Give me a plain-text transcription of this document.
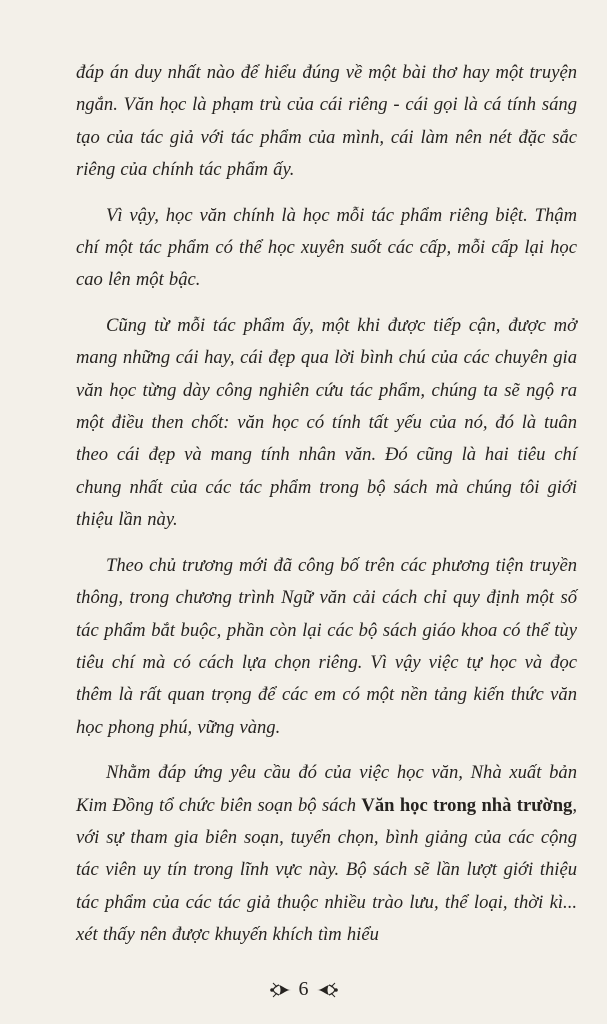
đáp án duy nhất nào để hiểu đúng về một bài thơ hay một truyện ngắn. Văn học là phạm trù của cái riêng - cái gọi là cá tính sáng tạo của tác giả với tác phẩm của mình, cái làm nên nét đặc sắc riêng của chính tác phẩm ấy.

Vì vậy, học văn chính là học mỗi tác phẩm riêng biệt. Thậm chí một tác phẩm có thể học xuyên suốt các cấp, mỗi cấp lại học cao lên một bậc.

Cũng từ mỗi tác phẩm ấy, một khi được tiếp cận, được mở mang những cái hay, cái đẹp qua lời bình chú của các chuyên gia văn học từng dày công nghiên cứu tác phẩm, chúng ta sẽ ngộ ra một điều then chốt: văn học có tính tất yếu của nó, đó là tuân theo cái đẹp và mang tính nhân văn. Đó cũng là hai tiêu chí chung nhất của các tác phẩm trong bộ sách mà chúng tôi giới thiệu lần này.

Theo chủ trương mới đã công bố trên các phương tiện truyền thông, trong chương trình Ngữ văn cải cách chỉ quy định một số tác phẩm bắt buộc, phần còn lại các bộ sách giáo khoa có thể tùy tiêu chí mà có cách lựa chọn riêng. Vì vậy việc tự học và đọc thêm là rất quan trọng để các em có một nền tảng kiến thức văn học phong phú, vững vàng.

Nhằm đáp ứng yêu cầu đó của việc học văn, Nhà xuất bản Kim Đồng tổ chức biên soạn bộ sách Văn học trong nhà trường, với sự tham gia biên soạn, tuyển chọn, bình giảng của các cộng tác viên uy tín trong lĩnh vực này. Bộ sách sẽ lần lượt giới thiệu tác phẩm của các tác giả thuộc nhiều trào lưu, thể loại, thời kì... xét thấy nên được khuyến khích tìm hiểu

6
